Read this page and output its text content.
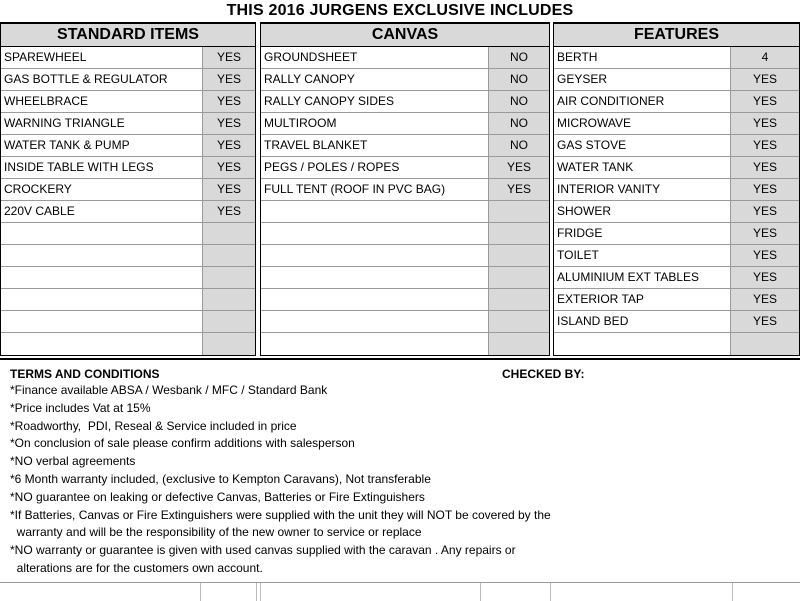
THIS 2016 JURGENS EXCLUSIVE INCLUDES
STANDARD ITEMS
SPAREWHEEL	YES
GAS BOTTLE & REGULATOR	YES
WHEELBRACE	YES
WARNING TRIANGLE	YES
WATER TANK & PUMP	YES
INSIDE TABLE WITH LEGS	YES
CROCKERY	YES
220V CABLE	YES
CANVAS
GROUNDSHEET	NO
RALLY CANOPY	NO
RALLY CANOPY SIDES	NO
MULTIROOM	NO
TRAVEL BLANKET	NO
PEGS / POLES / ROPES	YES
FULL TENT (ROOF IN PVC BAG)	YES
FEATURES
BERTH	4
GEYSER	YES
AIR CONDITIONER	YES
MICROWAVE	YES
GAS STOVE	YES
WATER TANK	YES
INTERIOR VANITY	YES
SHOWER	YES
FRIDGE	YES
TOILET	YES
ALUMINIUM EXT TABLES	YES
EXTERIOR TAP	YES
ISLAND BED	YES
TERMS AND CONDITIONS	CHECKED BY:
*Finance available ABSA / Wesbank / MFC / Standard Bank
*Price includes Vat at 15%
*Roadworthy,  PDI, Reseal & Service included in price
*On conclusion of sale please confirm additions with salesperson
*NO verbal agreements
*6 Month warranty included, (exclusive to Kempton Caravans), Not transferable
*NO guarantee on leaking or defective Canvas, Batteries or Fire Extinguishers
*If Batteries, Canvas or Fire Extinguishers were supplied with the unit they will NOT be covered by the
warranty and will be the responsibility of the new owner to service or replace
*NO warranty or guarantee is given with used canvas supplied with the caravan . Any repairs or
alterations are for the customers own account.
